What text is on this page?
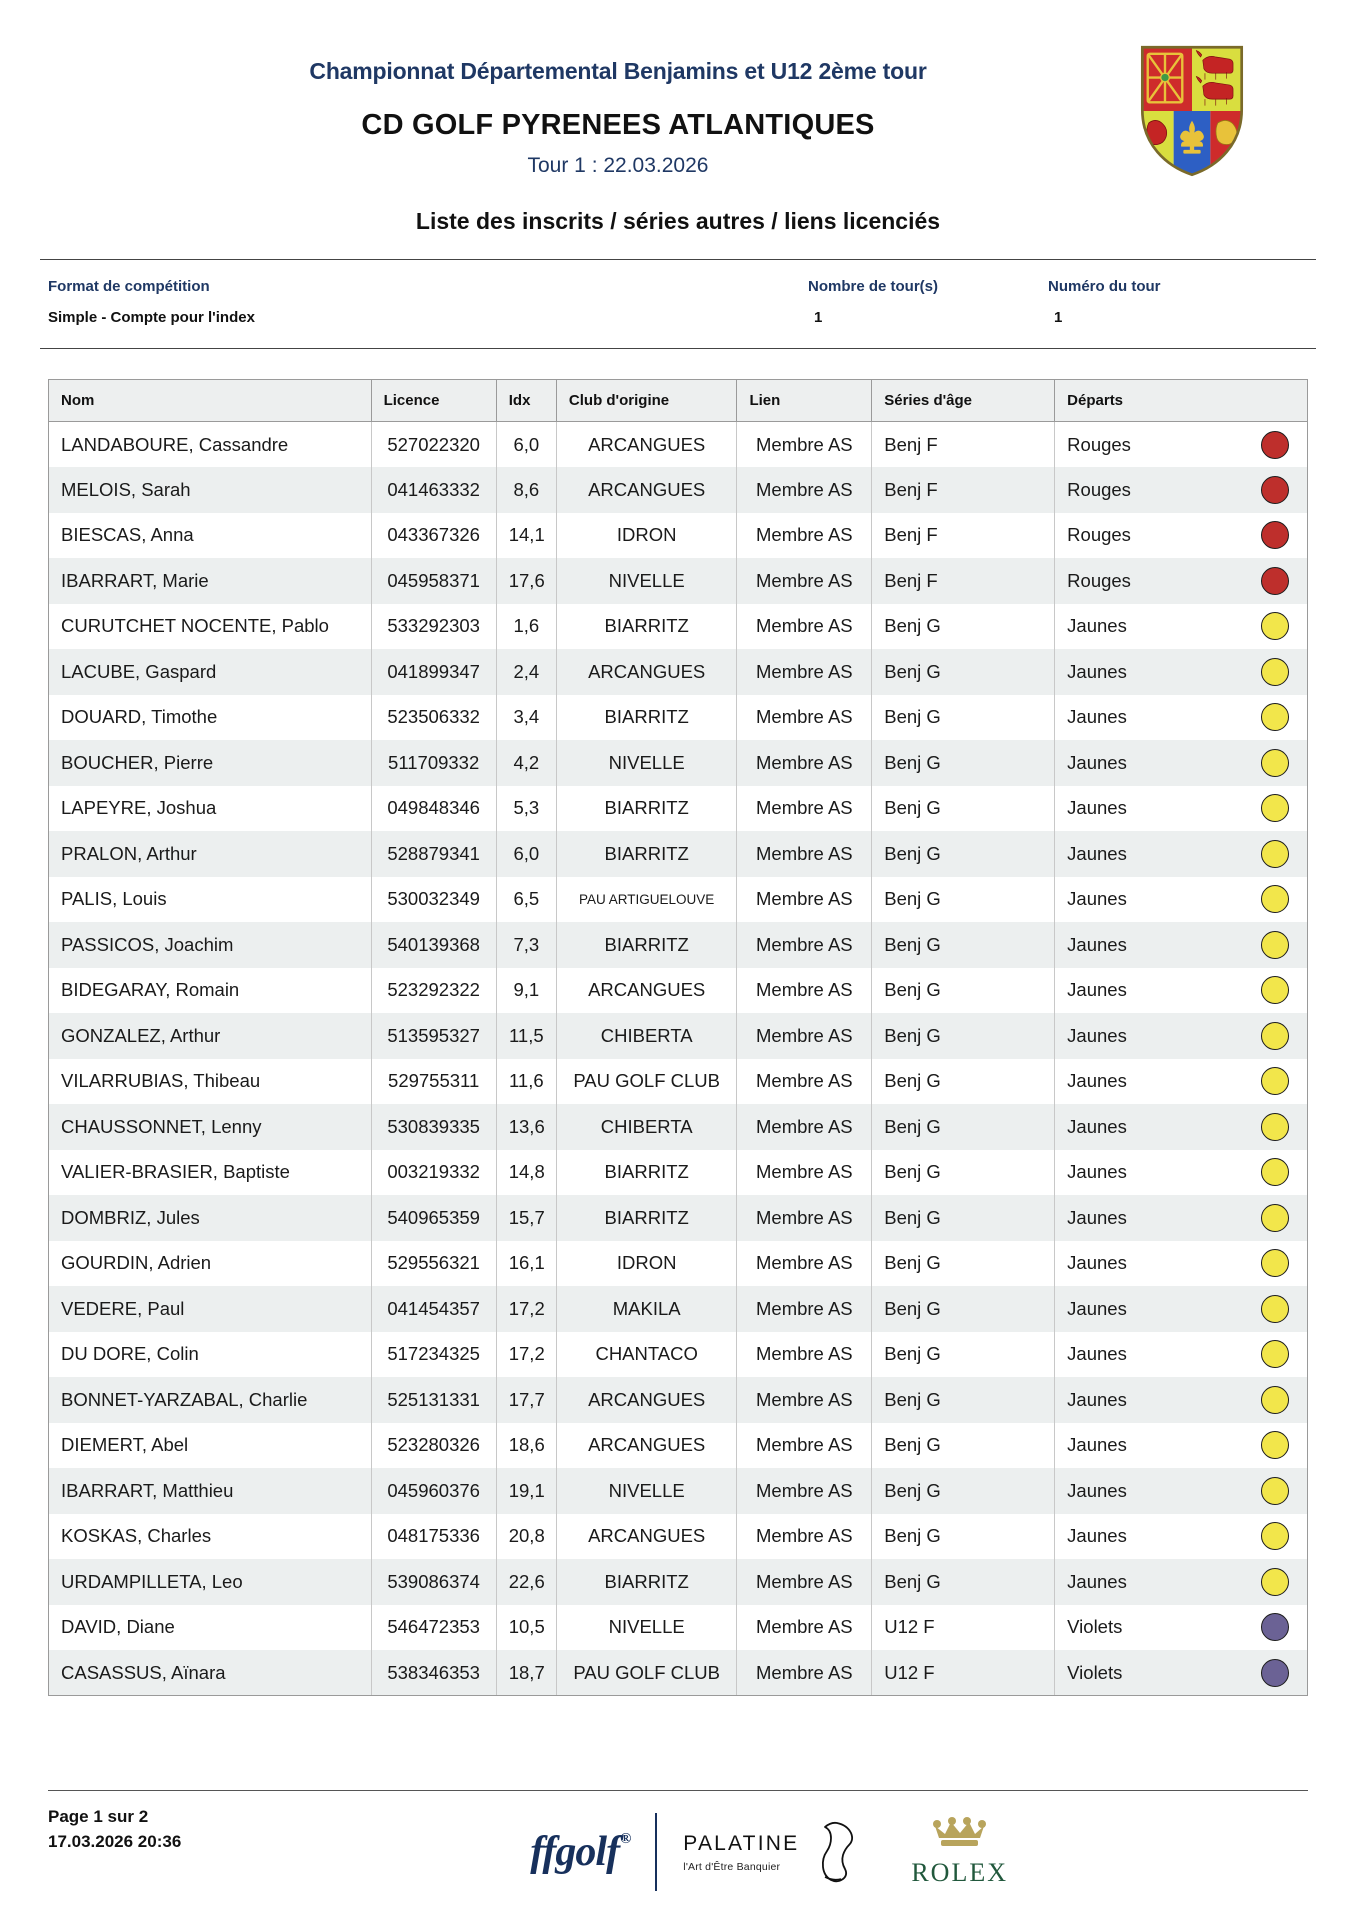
Championnat Départemental Benjamins et U12 2ème tour
CD GOLF PYRENEES ATLANTIQUES
Tour 1 : 22.03.2026
Liste des inscrits / séries autres / liens licenciés
Format de compétition
Simple - Compte pour l'index
Nombre de tour(s)
1
Numéro du tour
1
Nom	Licence	Idx	Club d'origine	Lien	Séries d'âge	Départs
LANDABOURE, Cassandre	527022320	6,0	ARCANGUES	Membre AS	Benj F	Rouges

MELOIS, Sarah	041463332	8,6	ARCANGUES	Membre AS	Benj F	Rouges

BIESCAS, Anna	043367326	14,1	IDRON	Membre AS	Benj F	Rouges

IBARRART, Marie	045958371	17,6	NIVELLE	Membre AS	Benj F	Rouges

CURUTCHET NOCENTE, Pablo	533292303	1,6	BIARRITZ	Membre AS	Benj G	Jaunes

LACUBE, Gaspard	041899347	2,4	ARCANGUES	Membre AS	Benj G	Jaunes

DOUARD, Timothe	523506332	3,4	BIARRITZ	Membre AS	Benj G	Jaunes

BOUCHER, Pierre	511709332	4,2	NIVELLE	Membre AS	Benj G	Jaunes

LAPEYRE, Joshua	049848346	5,3	BIARRITZ	Membre AS	Benj G	Jaunes

PRALON, Arthur	528879341	6,0	BIARRITZ	Membre AS	Benj G	Jaunes

PALIS, Louis	530032349	6,5	PAU ARTIGUELOUVE	Membre AS	Benj G	Jaunes

PASSICOS, Joachim	540139368	7,3	BIARRITZ	Membre AS	Benj G	Jaunes

BIDEGARAY, Romain	523292322	9,1	ARCANGUES	Membre AS	Benj G	Jaunes

GONZALEZ, Arthur	513595327	11,5	CHIBERTA	Membre AS	Benj G	Jaunes

VILARRUBIAS, Thibeau	529755311	11,6	PAU GOLF CLUB	Membre AS	Benj G	Jaunes

CHAUSSONNET, Lenny	530839335	13,6	CHIBERTA	Membre AS	Benj G	Jaunes

VALIER-BRASIER, Baptiste	003219332	14,8	BIARRITZ	Membre AS	Benj G	Jaunes

DOMBRIZ, Jules	540965359	15,7	BIARRITZ	Membre AS	Benj G	Jaunes

GOURDIN, Adrien	529556321	16,1	IDRON	Membre AS	Benj G	Jaunes

VEDERE, Paul	041454357	17,2	MAKILA	Membre AS	Benj G	Jaunes

DU DORE, Colin	517234325	17,2	CHANTACO	Membre AS	Benj G	Jaunes

BONNET-YARZABAL, Charlie	525131331	17,7	ARCANGUES	Membre AS	Benj G	Jaunes

DIEMERT, Abel	523280326	18,6	ARCANGUES	Membre AS	Benj G	Jaunes

IBARRART, Matthieu	045960376	19,1	NIVELLE	Membre AS	Benj G	Jaunes

KOSKAS, Charles	048175336	20,8	ARCANGUES	Membre AS	Benj G	Jaunes

URDAMPILLETA, Leo	539086374	22,6	BIARRITZ	Membre AS	Benj G	Jaunes

DAVID, Diane	546472353	10,5	NIVELLE	Membre AS	U12 F	Violets

CASASSUS, Aïnara	538346353	18,7	PAU GOLF CLUB	Membre AS	U12 F	Violets
Page 1 sur 2
17.03.2026 20:36	ffgolf®	PALATINE
l'Art d'Être Banquier	ROLEX
